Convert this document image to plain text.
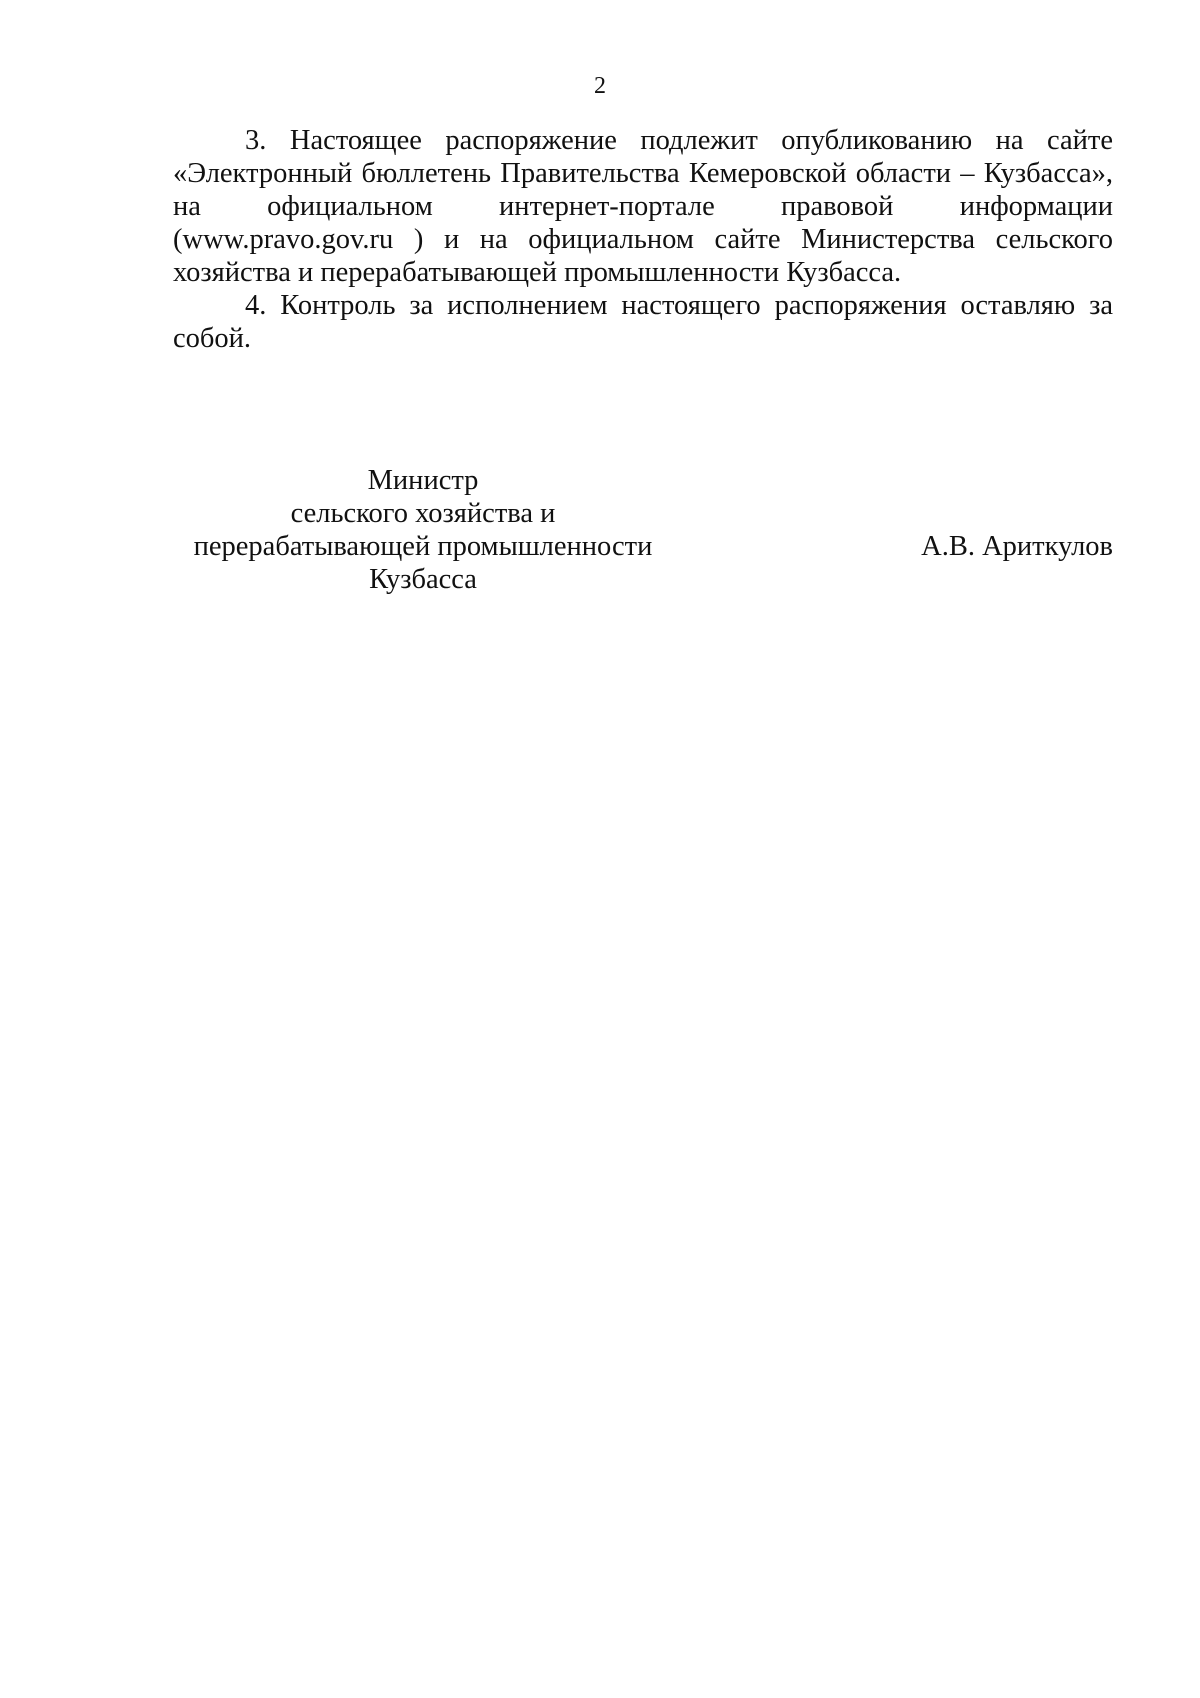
2

3. Настоящее распоряжение подлежит опубликованию на сайте
«Электронный бюллетень Правительства Кемеровской области – Кузбасса»,
на официальном интернет-портале правовой информации
(www.pravo.gov.ru ) и на официальном сайте Министерства сельского
хозяйства и перерабатывающей промышленности Кузбасса.

4. Контроль за исполнением настоящего распоряжения оставляю за
собой.

Министр
сельского хозяйства и
перерабатывающей промышленности
Кузбасса
А.В. Ариткулов
